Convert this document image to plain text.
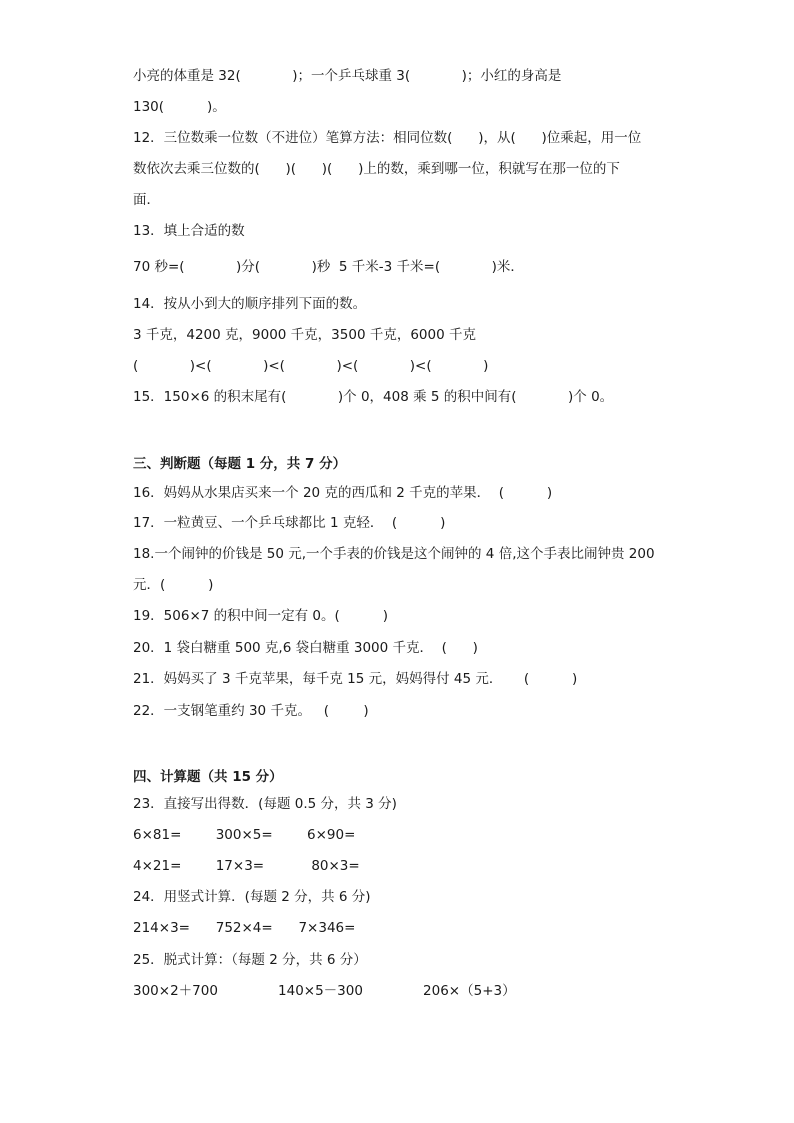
小亮的体重是 32(            )；一个乒乓球重 3(            )；小红的身高是

130(          )。

12．三位数乘一位数（不进位）笔算方法：相同位数(      )，从(      )位乘起，用一位

数依次去乘三位数的(      )(      )(      )上的数，乘到哪一位，积就写在那一位的下

面．

13．填上合适的数

70 秒=(            )分(            )秒  5 千米-3 千米=(            )米．

14．按从小到大的顺序排列下面的数。

3 千克，4200 克，9000 千克，3500 千克，6000 千克

(            )<(            )<(            )<(            )<(            )

15．150×6 的积末尾有(            )个 0，408 乘 5 的积中间有(            )个 0。

三、判断题（每题 1 分，共 7 分）

16．妈妈从水果店买来一个 20 克的西瓜和 2 千克的苹果．  (          )

17．一粒黄豆、一个乒乓球都比 1 克轻．  (          )

18.一个闹钟的价钱是 50 元,一个手表的价钱是这个闹钟的 4 倍,这个手表比闹钟贵 200

元．(          )

19．506×7 的积中间一定有 0。(          )

20．1 袋白糖重 500 克,6 袋白糖重 3000 千克．  (      )

21．妈妈买了 3 千克苹果，每千克 15 元，妈妈得付 45 元．     (          )

22．一支钢笔重约 30 千克。   (        )

四、计算题（共 15 分）

23．直接写出得数．(每题 0.5 分，共 3 分)

6×81=        300×5=        6×90=

4×21=        17×3=           80×3=

24．用竖式计算．(每题 2 分，共 6 分)

214×3=      752×4=      7×346=

25．脱式计算：（每题 2 分，共 6 分）

300×2＋700              140×5－300              206×（5+3）
